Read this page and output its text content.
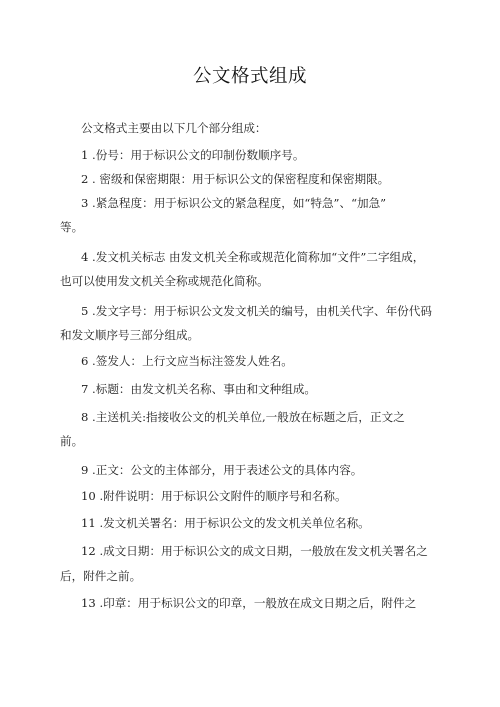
公文格式组成
公文格式主要由以下几个部分组成：
1 .份号：用于标识公文的印制份数顺序号。
2 . 密级和保密期限：用于标识公文的保密程度和保密期限。
3 .紧急程度：用于标识公文的紧急程度，如“特急”、“加急”
等。
4 .发文机关标志 由发文机关全称或规范化简称加“文件”二字组成，
也可以使用发文机关全称或规范化简称。
5 .发文字号：用于标识公文发文机关的编号，由机关代字、年份代码
和发文顺序号三部分组成。
6 .签发人：上行文应当标注签发人姓名。
7 .标题：由发文机关名称、事由和文种组成。
8 .主送机关:指接收公文的机关单位,一般放在标题之后，正文之
前。
9 .正文：公文的主体部分，用于表述公文的具体内容。
10 .附件说明：用于标识公文附件的顺序号和名称。
11 .发文机关署名：用于标识公文的发文机关单位名称。
12 .成文日期：用于标识公文的成文日期，一般放在发文机关署名之
后，附件之前。
13 .印章：用于标识公文的印章，一般放在成文日期之后，附件之
